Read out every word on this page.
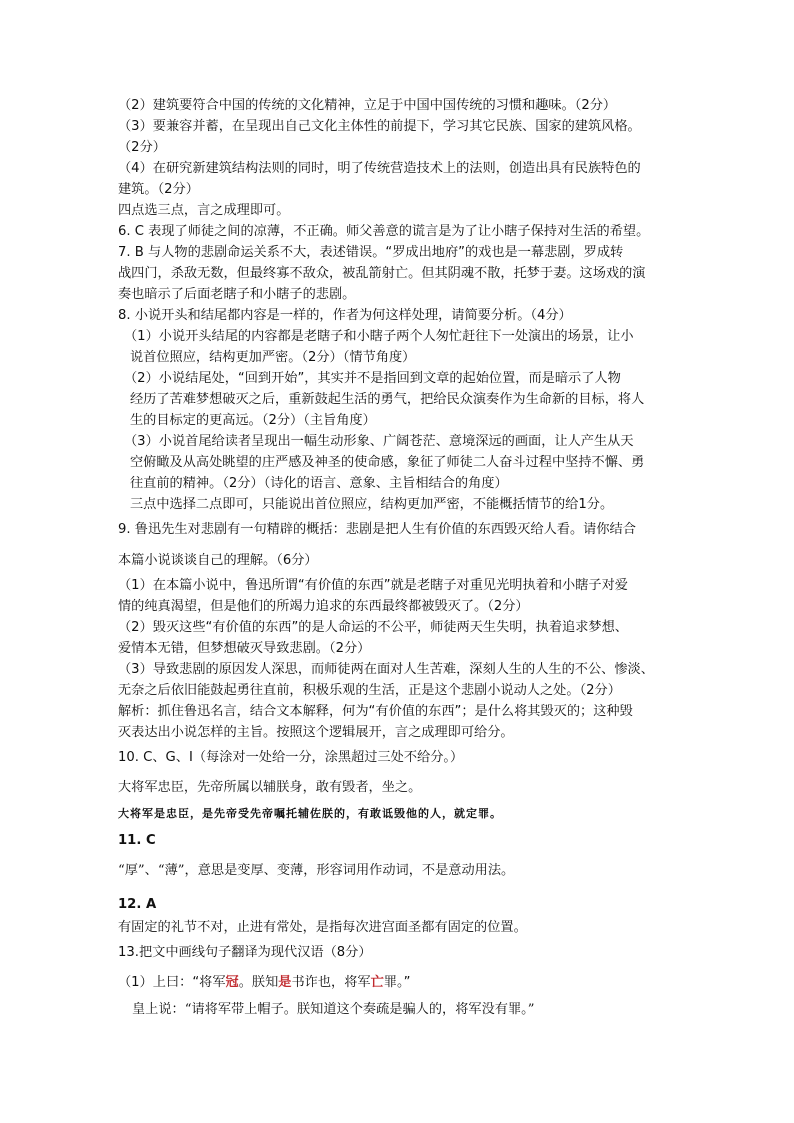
（2）建筑要符合中国的传统的文化精神，立足于中国中国传统的习惯和趣味。（2分）
（3）要兼容并蓄，在呈现出自己文化主体性的前提下，学习其它民族、国家的建筑风格。
（2分）
（4）在研究新建筑结构法则的同时，明了传统营造技术上的法则，创造出具有民族特色的
建筑。（2分）
四点选三点，言之成理即可。
6. C 表现了师徒之间的凉薄，不正确。师父善意的谎言是为了让小瞎子保持对生活的希望。
7. B 与人物的悲剧命运关系不大，表述错误。“罗成出地府”的戏也是一幕悲剧，罗成转
战四门，杀敌无数，但最终寡不敌众，被乱箭射亡。但其阴魂不散，托梦于妻。这场戏的演
奏也暗示了后面老瞎子和小瞎子的悲剧。
8. 小说开头和结尾都内容是一样的，作者为何这样处理，请简要分析。（4分）
（1）小说开头结尾的内容都是老瞎子和小瞎子两个人匆忙赶往下一处演出的场景，让小
说首位照应，结构更加严密。（2分）（情节角度）
（2）小说结尾处，“回到开始”，其实并不是指回到文章的起始位置，而是暗示了人物
经历了苦难梦想破灭之后，重新鼓起生活的勇气，把给民众演奏作为生命新的目标，将人
生的目标定的更高远。（2分）（主旨角度）
（3）小说首尾给读者呈现出一幅生动形象、广阔苍茫、意境深远的画面，让人产生从天
空俯瞰及从高处眺望的庄严感及神圣的使命感，象征了师徒二人奋斗过程中坚持不懈、勇
往直前的精神。（2分）（诗化的语言、意象、主旨相结合的角度）
三点中选择二点即可，只能说出首位照应，结构更加严密，不能概括情节的给1分。
9. 鲁迅先生对悲剧有一句精辟的概括：悲剧是把人生有价值的东西毁灭给人看。请你结合
本篇小说谈谈自己的理解。（6分）
（1）在本篇小说中，鲁迅所谓“有价值的东西”就是老瞎子对重见光明执着和小瞎子对爱
情的纯真渴望，但是他们的所竭力追求的东西最终都被毁灭了。（2分）
（2）毁灭这些“有价值的东西”的是人命运的不公平，师徒两天生失明，执着追求梦想、
爱情本无错，但梦想破灭导致悲剧。（2分）
（3）导致悲剧的原因发人深思，而师徒两在面对人生苦难，深刻人生的人生的不公、惨淡、
无奈之后依旧能鼓起勇往直前，积极乐观的生活，正是这个悲剧小说动人之处。（2分）
解析：抓住鲁迅名言，结合文本解释，何为“有价值的东西”；是什么将其毁灭的；这种毁
灭表达出小说怎样的主旨。按照这个逻辑展开，言之成理即可给分。
10. C、G、I（每涂对一处给一分，涂黑超过三处不给分。）
大将军忠臣，先帝所属以辅朕身，敢有毁者，坐之。
大将军是忠臣，是先帝受先帝嘱托辅佐朕的，有敢诋毁他的人，就定罪。
11. C
“厚”、“薄”，意思是变厚、变薄，形容词用作动词，不是意动用法。
12. A
有固定的礼节不对，止进有常处，是指每次进宫面圣都有固定的位置。
13.把文中画线句子翻译为现代汉语（8分）
（1）上曰：“将军冠。朕知是书诈也，将军亡罪。”
皇上说：“请将军带上帽子。朕知道这个奏疏是骗人的，将军没有罪。”
